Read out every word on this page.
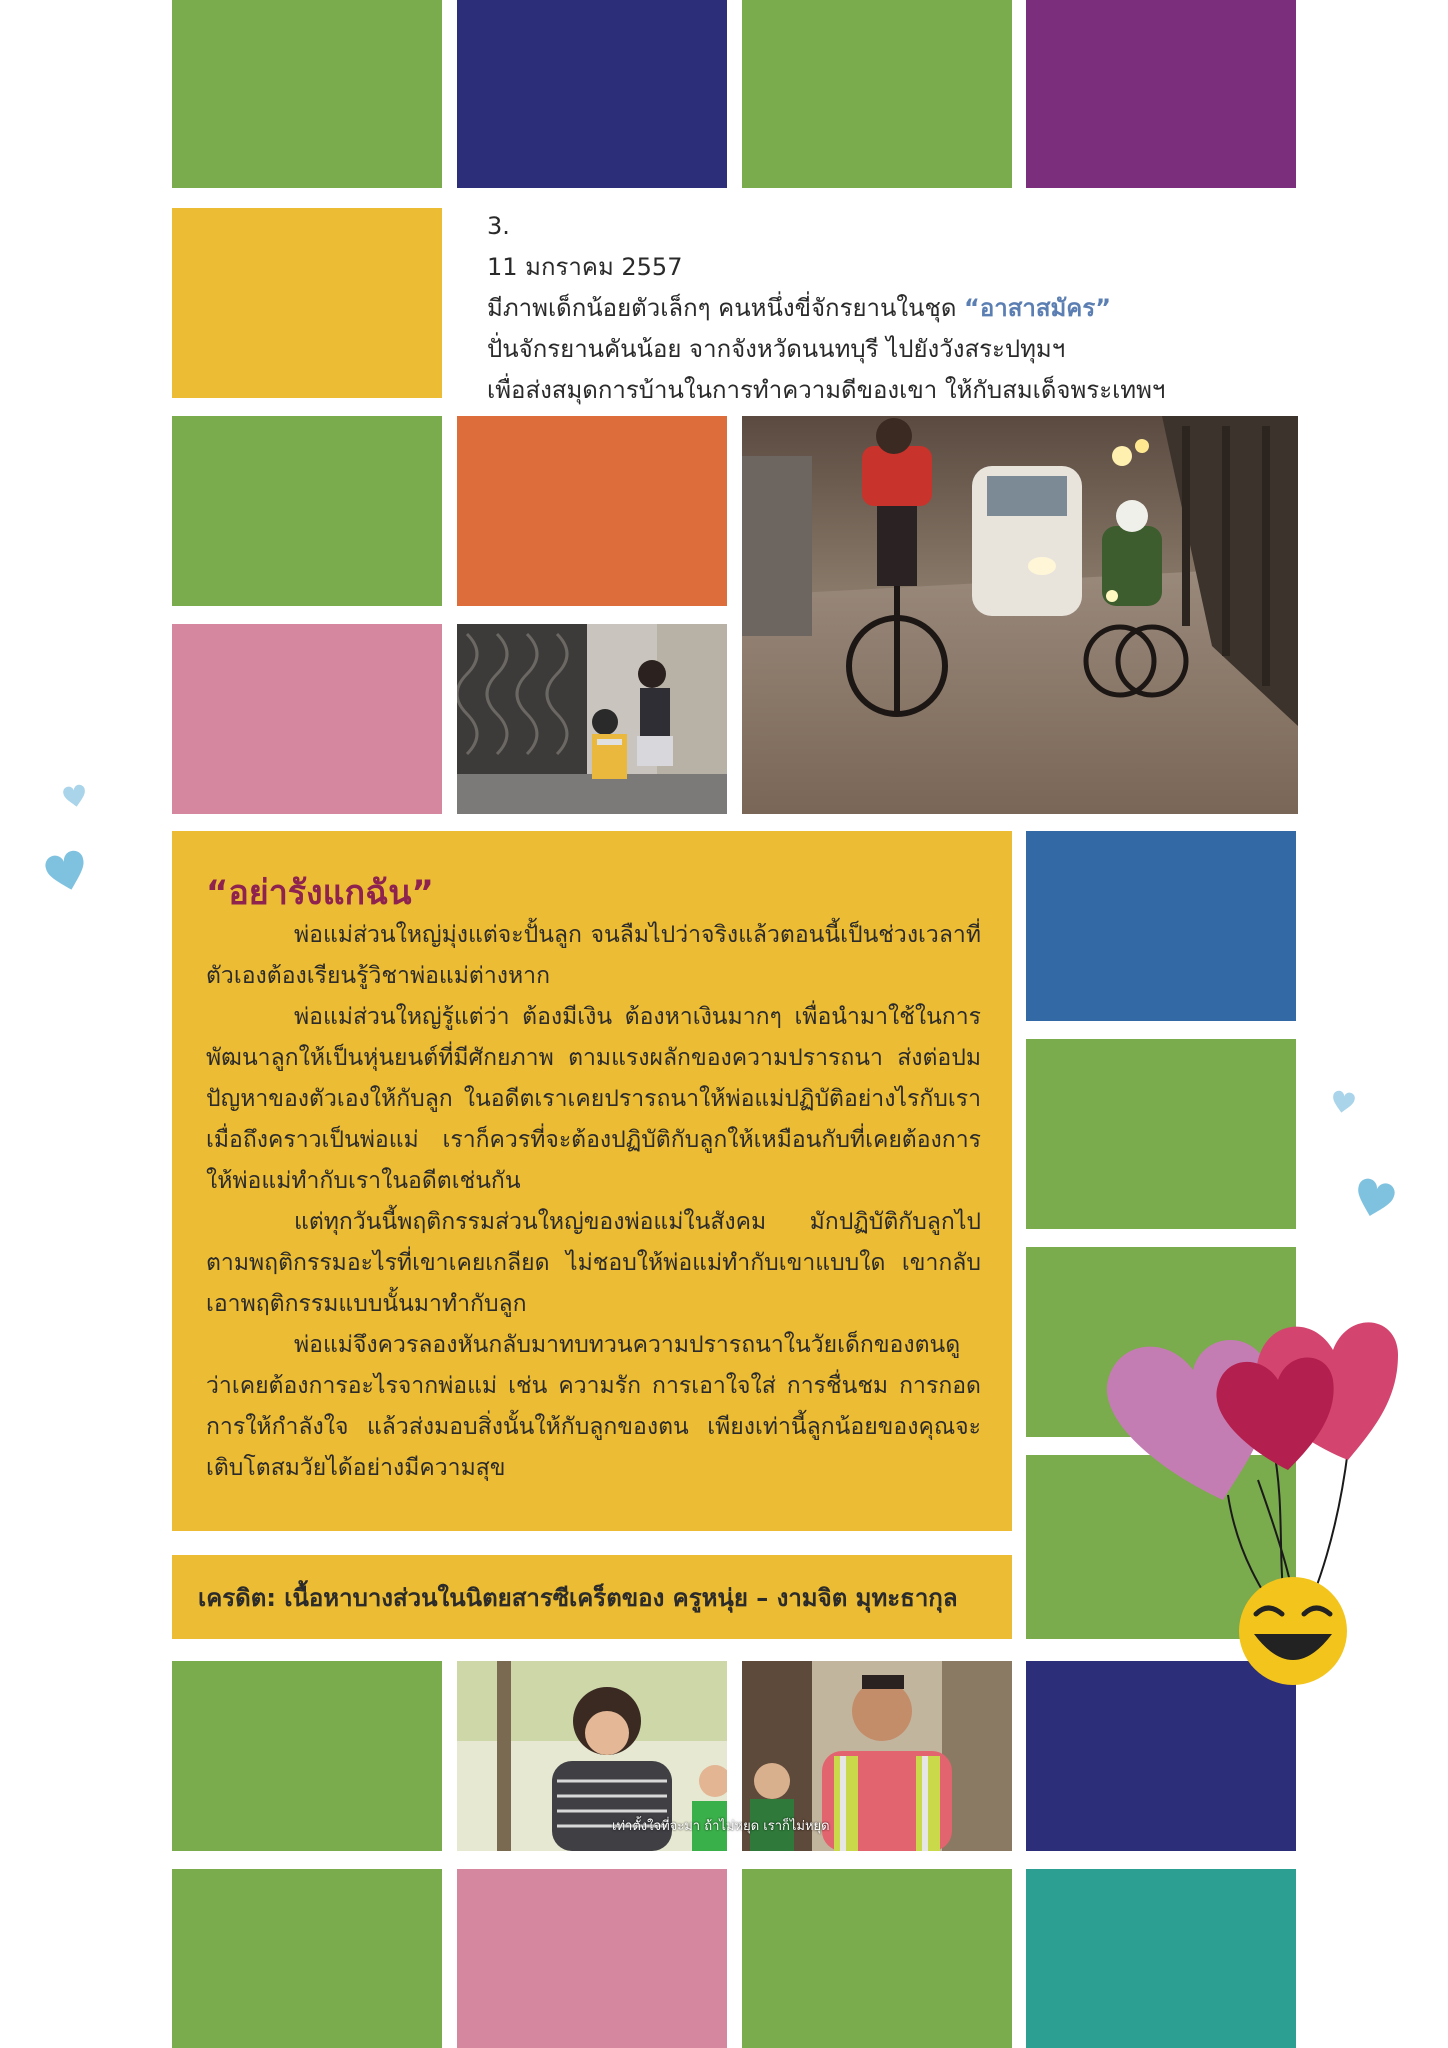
3.
11 มกราคม 2557
มีภาพเด็กน้อยตัวเล็กๆ คนหนึ่งขี่จักรยานในชุด “อาสาสมัคร”
ปั่นจักรยานคันน้อย จากจังหวัดนนทบุรี ไปยังวังสระปทุมฯ
เพื่อส่งสมุดการบ้านในการทำความดีของเขา ให้กับสมเด็จพระเทพฯ
“อย่ารังแกฉัน”

พ่อแม่ส่วนใหญ่มุ่งแต่จะปั้นลูก จนลืมไปว่าจริงแล้วตอนนี้เป็นช่วงเวลาที่ตัวเองต้องเรียนรู้วิชาพ่อแม่ต่างหาก

พ่อแม่ส่วนใหญ่รู้แต่ว่า ต้องมีเงิน ต้องหาเงินมากๆ เพื่อนำมาใช้ในการพัฒนาลูกให้เป็นหุ่นยนต์ที่มีศักยภาพ ตามแรงผลักของความปรารถนา ส่งต่อปมปัญหาของตัวเองให้กับลูก ในอดีตเราเคยปรารถนาให้พ่อแม่ปฏิบัติอย่างไรกับเรา เมื่อถึงคราวเป็นพ่อแม่ เราก็ควรที่จะต้องปฏิบัติกับลูกให้เหมือนกับที่เคยต้องการให้พ่อแม่ทำกับเราในอดีตเช่นกัน

แต่ทุกวันนี้พฤติกรรมส่วนใหญ่ของพ่อแม่ในสังคม มักปฏิบัติกับลูกไปตามพฤติกรรมอะไรที่เขาเคยเกลียด ไม่ชอบให้พ่อแม่ทำกับเขาแบบใด เขากลับเอาพฤติกรรมแบบนั้นมาทำกับลูก

พ่อแม่จึงควรลองหันกลับมาทบทวนความปรารถนาในวัยเด็กของตนดูว่าเคยต้องการอะไรจากพ่อแม่ เช่น ความรัก การเอาใจใส่ การชื่นชม การกอด การให้กำลังใจ แล้วส่งมอบสิ่งนั้นให้กับลูกของตน เพียงเท่านี้ลูกน้อยของคุณจะเติบโตสมวัยได้อย่างมีความสุข

เครดิต: เนื้อหาบางส่วนในนิตยสารซีเคร็ตของ ครูหนุ่ย – งามจิต มุทะธากุล
เท่าตั้งใจที่จะมา ถ้าไม่หยุด เราก็ไม่หยุด
